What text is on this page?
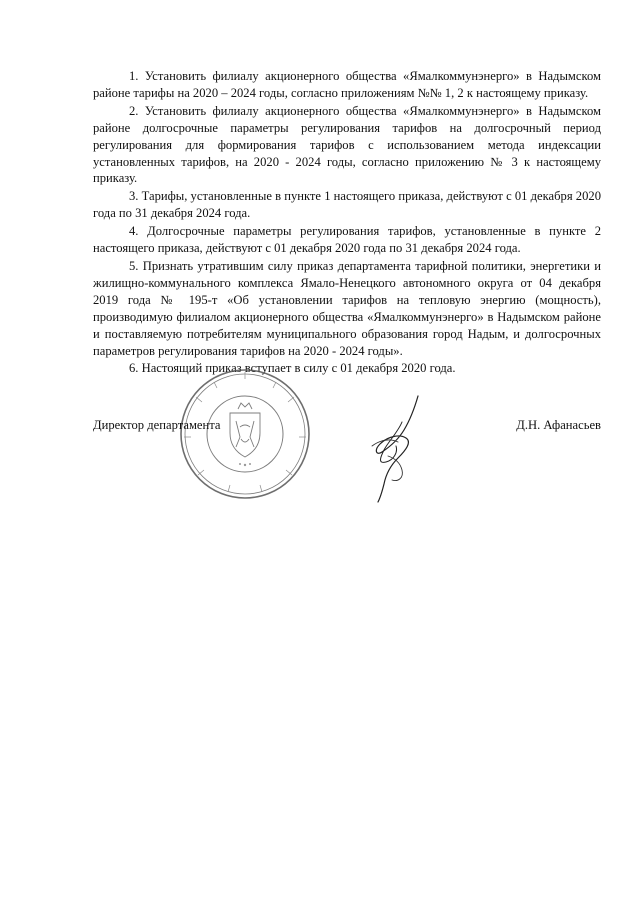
1. Установить филиалу акционерного общества «Ямалкоммунэнерго» в Надымском районе тарифы на 2020 – 2024 годы, согласно приложениям №№ 1, 2 к настоящему приказу.

2. Установить филиалу акционерного общества «Ямалкоммунэнерго» в Надымском районе долгосрочные параметры регулирования тарифов на долгосрочный период регулирования для формирования тарифов с использованием метода индексации установленных тарифов, на 2020 - 2024 годы, согласно приложению № 3 к настоящему приказу.

3. Тарифы, установленные в пункте 1 настоящего приказа, действуют с 01 декабря 2020 года по 31 декабря 2024 года.

4. Долгосрочные параметры регулирования тарифов, установленные в пункте 2 настоящего приказа, действуют с 01 декабря 2020 года по 31 декабря 2024 года.

5. Признать утратившим силу приказ департамента тарифной политики, энергетики и жилищно-коммунального комплекса Ямало-Ненецкого автономного округа от 04 декабря 2019 года № 195-т «Об установлении тарифов на тепловую энергию (мощность), производимую филиалом акционерного общества «Ямалкоммунэнерго» в Надымском районе и поставляемую потребителям муниципального образования город Надым, и долгосрочных параметров регулирования тарифов на 2020 - 2024 годы».

6. Настоящий приказ вступает в силу с 01 декабря 2020 года.

Директор департамента	Д.Н. Афанасьев
